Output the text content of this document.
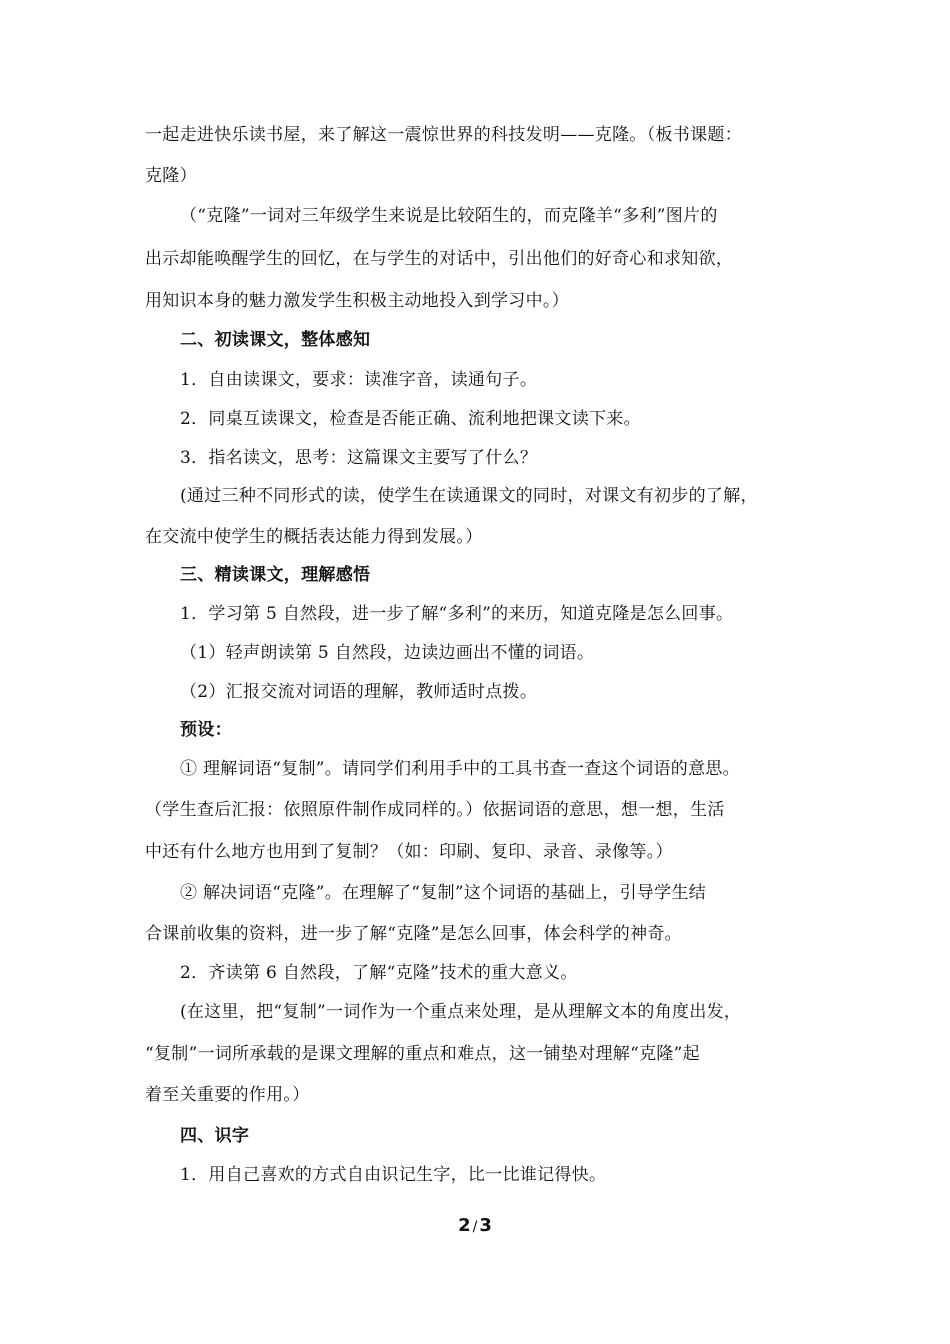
一起走进快乐读书屋，来了解这一震惊世界的科技发明——克隆。（板书课题：
克隆）
（“克隆”一词对三年级学生来说是比较陌生的，而克隆羊“多利”图片的
出示却能唤醒学生的回忆，在与学生的对话中，引出他们的好奇心和求知欲，
用知识本身的魅力激发学生积极主动地投入到学习中。）
二、初读课文，整体感知
1．自由读课文，要求：读准字音，读通句子。
2．同桌互读课文，检查是否能正确、流利地把课文读下来。
3．指名读文，思考：这篇课文主要写了什么？
(通过三种不同形式的读，使学生在读通课文的同时，对课文有初步的了解，
在交流中使学生的概括表达能力得到发展。）
三、精读课文，理解感悟
1．学习第 5 自然段，进一步了解“多利”的来历，知道克隆是怎么回事。
（1）轻声朗读第 5 自然段，边读边画出不懂的词语。
（2）汇报交流对词语的理解，教师适时点拨。
预设：
① 理解词语“复制”。请同学们利用手中的工具书查一查这个词语的意思。
（学生查后汇报：依照原件制作成同样的。）依据词语的意思，想一想，生活
中还有什么地方也用到了复制？（如：印刷、复印、录音、录像等。）
② 解决词语“克隆”。在理解了“复制”这个词语的基础上，引导学生结
合课前收集的资料，进一步了解“克隆”是怎么回事，体会科学的神奇。
2．齐读第 6 自然段，了解“克隆”技术的重大意义。
(在这里，把“复制”一词作为一个重点来处理，是从理解文本的角度出发，
“复制”一词所承载的是课文理解的重点和难点，这一铺垫对理解“克隆”起
着至关重要的作用。）
四、识字
1．用自己喜欢的方式自由识记生字，比一比谁记得快。
2 / 3
